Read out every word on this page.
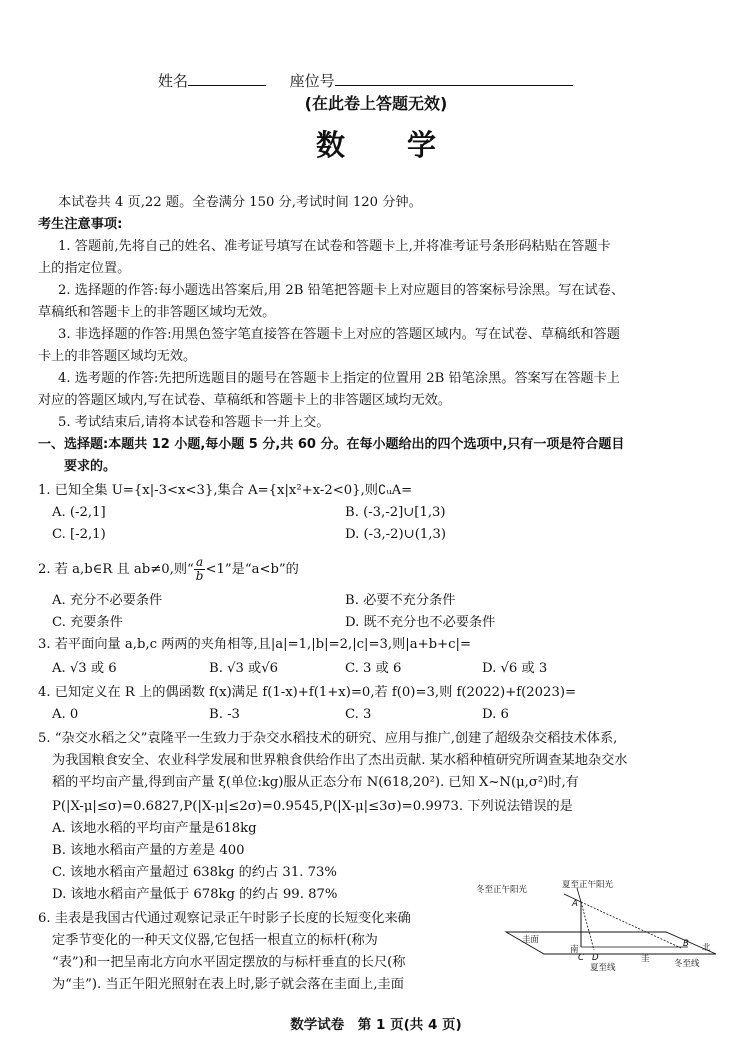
姓名	座位号
(在此卷上答题无效)
数 学
本试卷共 4 页,22 题。全卷满分 150 分,考试时间 120 分钟。
考生注意事项:
1. 答题前,先将自己的姓名、准考证号填写在试卷和答题卡上,并将准考证号条形码粘贴在答题卡
上的指定位置。
2. 选择题的作答:每小题选出答案后,用 2B 铅笔把答题卡上对应题目的答案标号涂黑。写在试卷、
草稿纸和答题卡上的非答题区域均无效。
3. 非选择题的作答:用黑色签字笔直接答在答题卡上对应的答题区域内。写在试卷、草稿纸和答题
卡上的非答题区域均无效。
4. 选考题的作答:先把所选题目的题号在答题卡上指定的位置用 2B 铅笔涂黑。答案写在答题卡上
对应的答题区域内,写在试卷、草稿纸和答题卡上的非答题区域均无效。
5. 考试结束后,请将本试卷和答题卡一并上交。
一、选择题:本题共 12 小题,每小题 5 分,共 60 分。在每小题给出的四个选项中,只有一项是符合题目
要求的。
1. 已知全集 U={x|-3<x<3},集合 A={x|x²+x-2<0},则∁ᵤA=
A. (-2,1]	B. (-3,-2]∪[1,3)
C. [-2,1)	D. (-3,-2)∪(1,3)
2. 若 a,b∈R 且 ab≠0,则“ $\frac{a}{b} <1$”是“a<b”的
A. 充分不必要条件	B. 必要不充分条件
C. 充要条件	D. 既不充分也不必要条件
3. 若平面向量 a,b,c 两两的夹角相等,且|a|=1,|b|=2,|c|=3,则|a+b+c|=
A. √3 或 6	B. √3 或√6	C. 3 或 6	D. √6 或 3
4. 已知定义在 R 上的偶函数 f(x)满足 f(1-x)+f(1+x)=0,若 f(0)=3,则 f(2022)+f(2023)=
A. 0	B. -3	C. 3	D. 6
5. “杂交水稻之父”袁隆平一生致力于杂交水稻技术的研究、应用与推广,创建了超级杂交稻技术体系,
为我国粮食安全、农业科学发展和世界粮食供给作出了杰出贡献. 某水稻种植研究所调查某地杂交水
稻的平均亩产量,得到亩产量 ξ(单位:kg)服从正态分布 N(618,20²). 已知 X~N(μ,σ²)时,有
P(|X-μ|≤σ)=0.6827,P(|X-μ|≤2σ)=0.9545,P(|X-μ|≤3σ)=0.9973. 下列说法错误的是
A. 该地水稻的平均亩产量是618kg
B. 该地水稻亩产量的方差是 400
C. 该地水稻亩产量超过 638kg 的约占 31. 73%
D. 该地水稻亩产量低于 678kg 的约占 99. 87%
6. 圭表是我国古代通过观察记录正午时影子长度的长短变化来确
定季节变化的一种天文仪器,它包括一根直立的标杆(称为
“表”)和一把呈南北方向水平固定摆放的与标杆垂直的长尺(称
为“圭”). 当正午阳光照射在表上时,影子就会落在圭面上,圭面
冬至正午阳光	夏至正午阳光
A
圭面
南
C D
夏至线
圭
B 北
冬至线
数学试卷　第 1 页(共 4 页)
